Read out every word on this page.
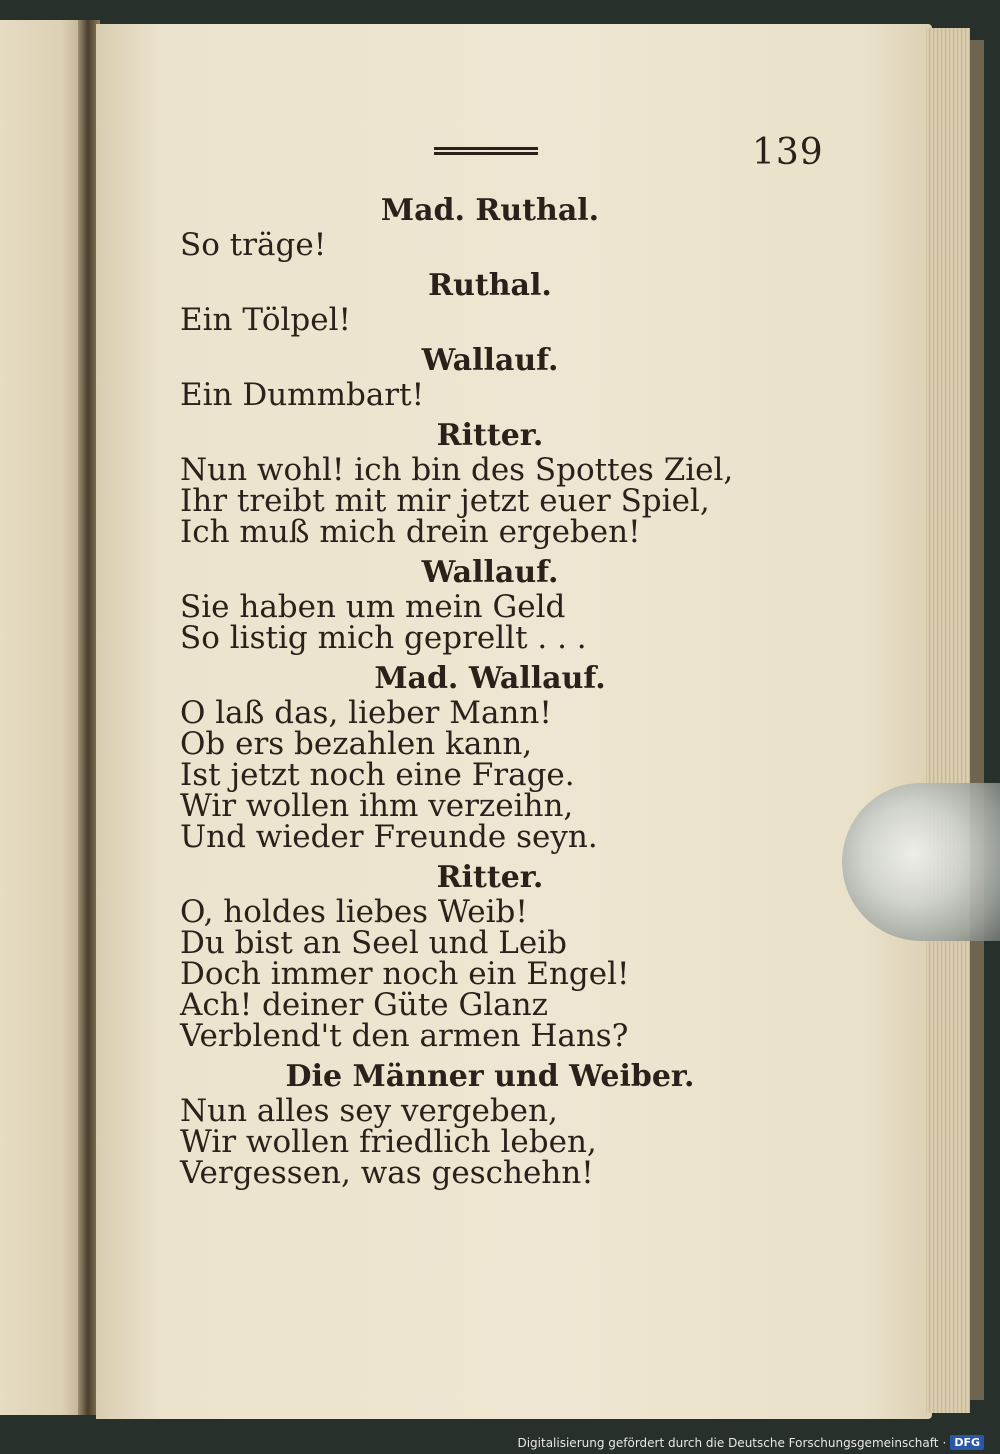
139
Mad. Ruthal.
So träge!
Ruthal.
Ein Tölpel!
Wallauf.
Ein Dummbart!
Ritter.
Nun wohl! ich bin des Spottes Ziel,
Ihr treibt mit mir jetzt euer Spiel,
Ich muß mich drein ergeben!
Wallauf.
Sie haben um mein Geld
So listig mich geprellt . . .
Mad. Wallauf.
O laß das, lieber Mann!
Ob ers bezahlen kann,
Ist jetzt noch eine Frage.
Wir wollen ihm verzeihn,
Und wieder Freunde seyn.
Ritter.
O, holdes liebes Weib!
Du bist an Seel und Leib
Doch immer noch ein Engel!
Ach! deiner Güte Glanz
Verblend't den armen Hans?
Die Männer und Weiber.
Nun alles sey vergeben,
Wir wollen friedlich leben,
Vergessen, was geschehn!
Digitalisierung gefördert durch die Deutsche Forschungsgemeinschaft · DFG
